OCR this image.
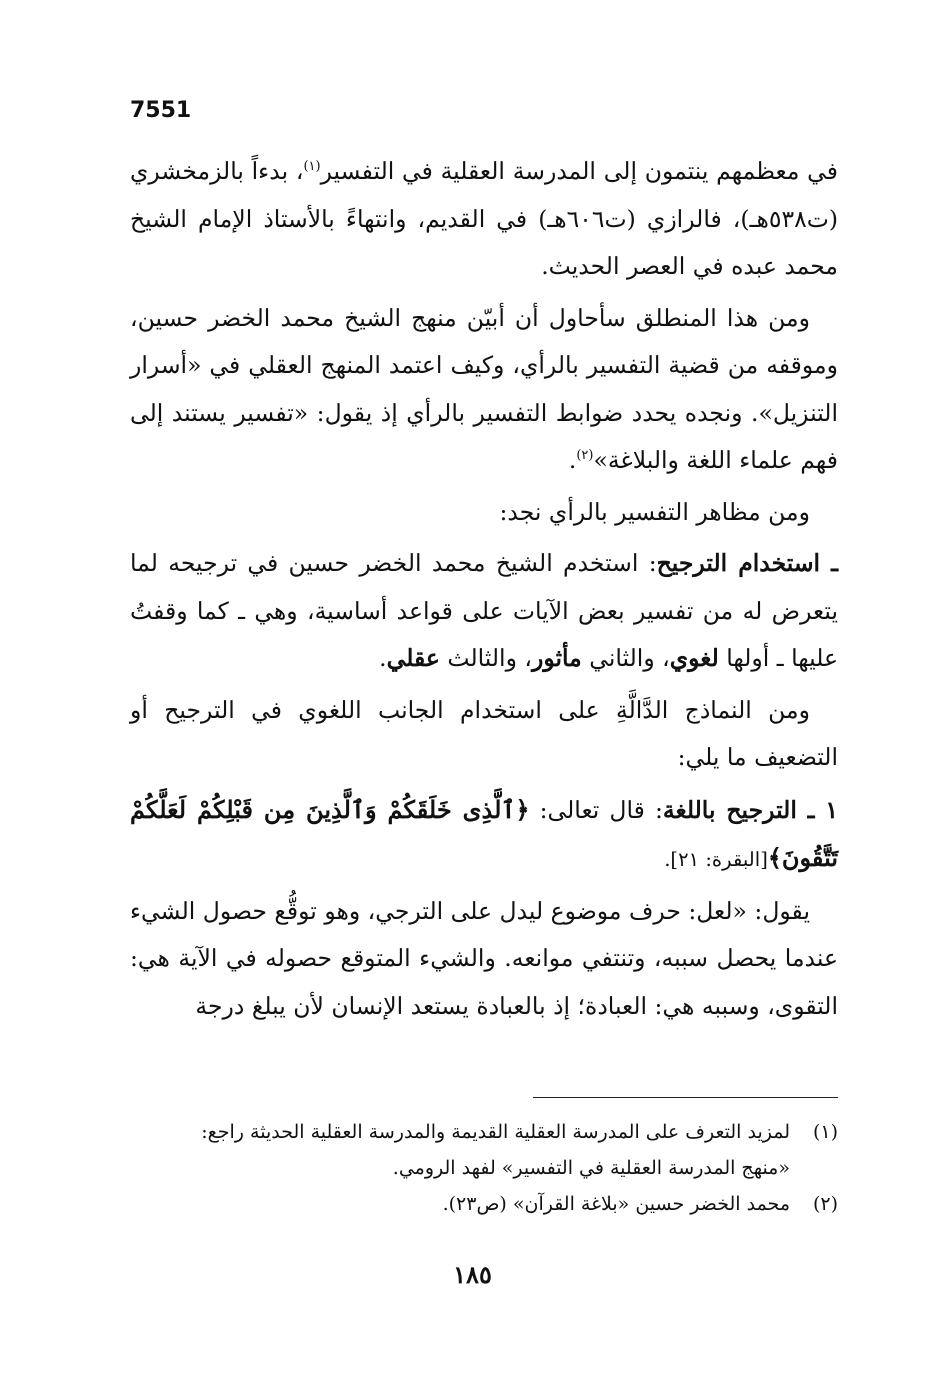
7551

في معظمهم ينتمون إلى المدرسة العقلية في التفسير$^{(١)}$، بدءاً بالزمخشري (ت٥٣٨هـ)، فالرازي (ت٦٠٦هـ) في القديم، وانتهاءً بالأستاذ الإمام الشيخ محمد عبده في العصر الحديث.

ومن هذا المنطلق سأحاول أن أبيّن منهج الشيخ محمد الخضر حسين، وموقفه من قضية التفسير بالرأي، وكيف اعتمد المنهج العقلي في «أسرار التنزيل». ونجده يحدد ضوابط التفسير بالرأي إذ يقول: «تفسير يستند إلى فهم علماء اللغة والبلاغة»$^{(٢)}$.

ومن مظاهر التفسير بالرأي نجد:

ـ استخدام الترجيح: استخدم الشيخ محمد الخضر حسين في ترجيحه لما يتعرض له من تفسير بعض الآيات على قواعد أساسية، وهي ـ كما وقفتُ عليها ـ أولها لغوي، والثاني مأثور، والثالث عقلي.

ومن النماذج الدَّالَّةِ على استخدام الجانب اللغوي في الترجيح أو التضعيف ما يلي:

١ ـ الترجيح باللغة: قال تعالى: ﴿ٱلَّذِى خَلَقَكُمْ وَٱلَّذِينَ مِن قَبْلِكُمْ لَعَلَّكُمْ تَتَّقُونَ﴾[البقرة: ٢١].

يقول: «لعل: حرف موضوع ليدل على الترجي، وهو توقُّع حصول الشيء عندما يحصل سببه، وتنتفي موانعه. والشيء المتوقع حصوله في الآية هي: التقوى، وسببه هي: العبادة؛ إذ بالعبادة يستعد الإنسان لأن يبلغ درجة

(١)لمزيد التعرف على المدرسة العقلية القديمة والمدرسة العقلية الحديثة راجع:

«منهج المدرسة العقلية في التفسير» لفهد الرومي.

(٢)محمد الخضر حسين «بلاغة القرآن» (ص٢٣).

١٨٥
